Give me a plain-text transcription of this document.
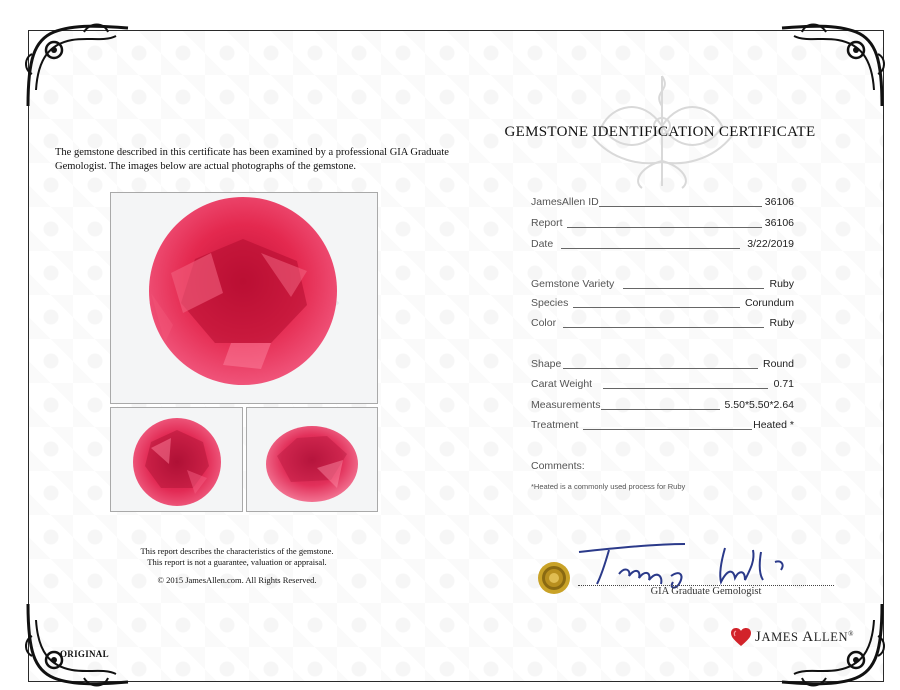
The gemstone described in this certificate has been examined by a professional GIA Graduate Gemologist. The images below are actual photographs of the gemstone.
This report describes the characteristics of the gemstone.
This report is not a guarantee, valuation or appraisal.
© 2015 JamesAllen.com. All Rights Reserved.
ORIGINAL
GEMSTONE IDENTIFICATION CERTIFICATE
JamesAllen ID	36106
Report	36106
Date	3/22/2019
Gemstone Variety	Ruby
Species	Corundum
Color	Ruby
Shape	Round
Carat Weight	0.71
Measurements	5.50*5.50*2.64
Treatment	Heated *
Comments:
*Heated is a commonly used process for Ruby
GIA Graduate Gemologist
JAMES ALLEN®
